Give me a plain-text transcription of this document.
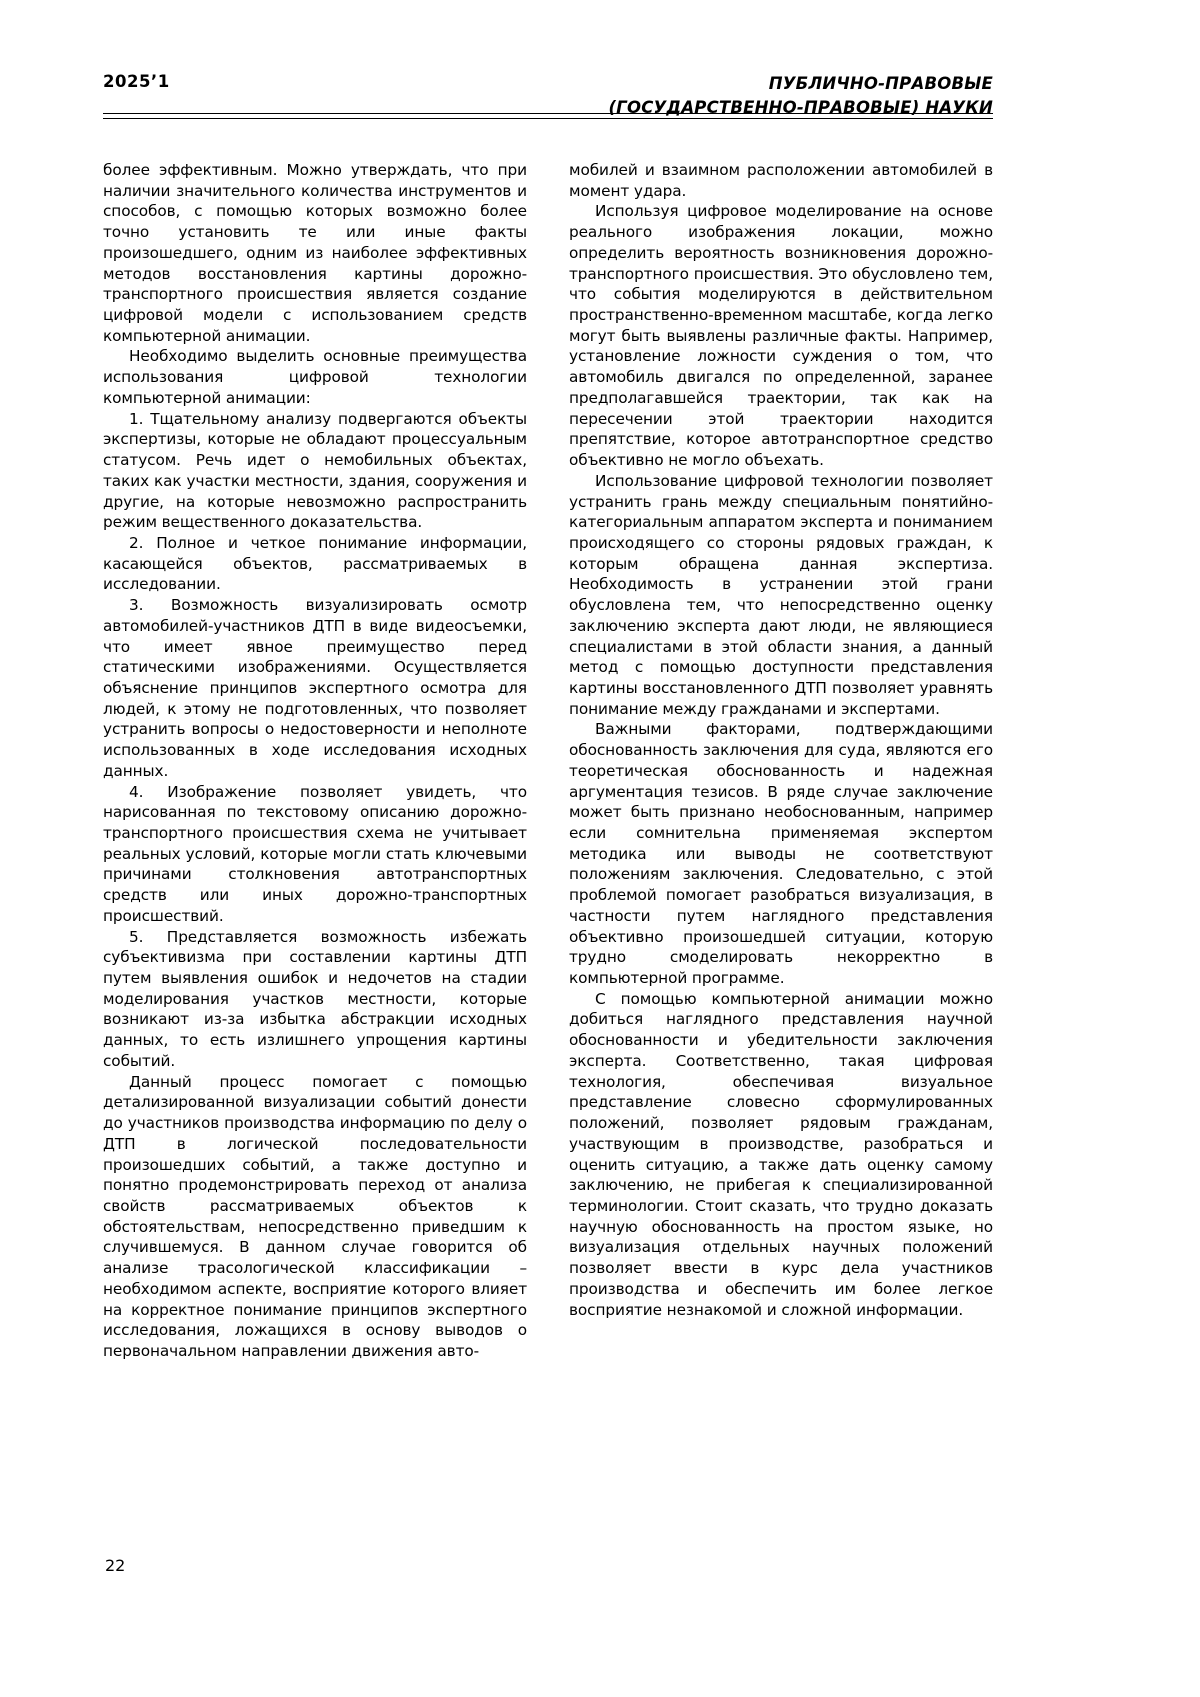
2025’1	ПУБЛИЧНО-ПРАВОВЫЕ
(ГОСУДАРСТВЕННО-ПРАВОВЫЕ) НАУКИ

более эффективным. Можно утверждать, что при наличии значительного количества инструментов и способов, с помощью которых возможно более точно установить те или иные факты произошедшего, одним из наиболее эффективных методов восстановления картины дорожно-транспортного происшествия является создание цифровой модели с использованием средств компьютерной анимации.

Необходимо выделить основные преимущества использования цифровой технологии компьютерной анимации:

1. Тщательному анализу подвергаются объекты экспертизы, которые не обладают процессуальным статусом. Речь идет о немобильных объектах, таких как участки местности, здания, сооружения и другие, на которые невозможно распространить режим вещественного доказательства.

2. Полное и четкое понимание информации, касающейся объектов, рассматриваемых в исследовании.

3. Возможность визуализировать осмотр автомобилей-участников ДТП в виде видеосъемки, что имеет явное преимущество перед статическими изображениями. Осуществляется объяснение принципов экспертного осмотра для людей, к этому не подготовленных, что позволяет устранить вопросы о недостоверности и неполноте использованных в ходе исследования исходных данных.

4. Изображение позволяет увидеть, что нарисованная по текстовому описанию дорожно-транспортного происшествия схема не учитывает реальных условий, которые могли стать ключевыми причинами столкновения автотранспортных средств или иных дорожно-транспортных происшествий.

5. Представляется возможность избежать субъективизма при составлении картины ДТП путем выявления ошибок и недочетов на стадии моделирования участков местности, которые возникают из-за избытка абстракции исходных данных, то есть излишнего упрощения картины событий.

Данный процесс помогает с помощью детализированной визуализации событий донести до участников производства информацию по делу о ДТП в логической последовательности произошедших событий, а также доступно и понятно продемонстрировать переход от анализа свойств рассматриваемых объектов к обстоятельствам, непосредственно приведшим к случившемуся. В данном случае говорится об анализе трасологической классификации – необходимом аспекте, восприятие которого влияет на корректное понимание принципов экспертного исследования, ложащихся в основу выводов о первоначальном направлении движения авто-

мобилей и взаимном расположении автомобилей в момент удара.

Используя цифровое моделирование на основе реального изображения локации, можно определить вероятность возникновения дорожно-транспортного происшествия. Это обусловлено тем, что события моделируются в действительном пространственно-временном масштабе, когда легко могут быть выявлены различные факты. Например, установление ложности суждения о том, что автомобиль двигался по определенной, заранее предполагавшейся траектории, так как на пересечении этой траектории находится препятствие, которое автотранспортное средство объективно не могло объехать.

Использование цифровой технологии позволяет устранить грань между специальным понятийно-категориальным аппаратом эксперта и пониманием происходящего со стороны рядовых граждан, к которым обращена данная экспертиза. Необходимость в устранении этой грани обусловлена тем, что непосредственно оценку заключению эксперта дают люди, не являющиеся специалистами в этой области знания, а данный метод с помощью доступности представления картины восстановленного ДТП позволяет уравнять понимание между гражданами и экспертами.

Важными факторами, подтверждающими обоснованность заключения для суда, являются его теоретическая обоснованность и надежная аргументация тезисов. В ряде случае заключение может быть признано необоснованным, например если сомнительна применяемая экспертом методика или выводы не соответствуют положениям заключения. Следовательно, с этой проблемой помогает разобраться визуализация, в частности путем наглядного представления объективно произошедшей ситуации, которую трудно смоделировать некорректно в компьютерной программе.

С помощью компьютерной анимации можно добиться наглядного представления научной обоснованности и убедительности заключения эксперта. Соответственно, такая цифровая технология, обеспечивая визуальное представление словесно сформулированных положений, позволяет рядовым гражданам, участвующим в производстве, разобраться и оценить ситуацию, а также дать оценку самому заключению, не прибегая к специализированной терминологии. Стоит сказать, что трудно доказать научную обоснованность на простом языке, но визуализация отдельных научных положений позволяет ввести в курс дела участников производства и обеспечить им более легкое восприятие незнакомой и сложной информации.

22
